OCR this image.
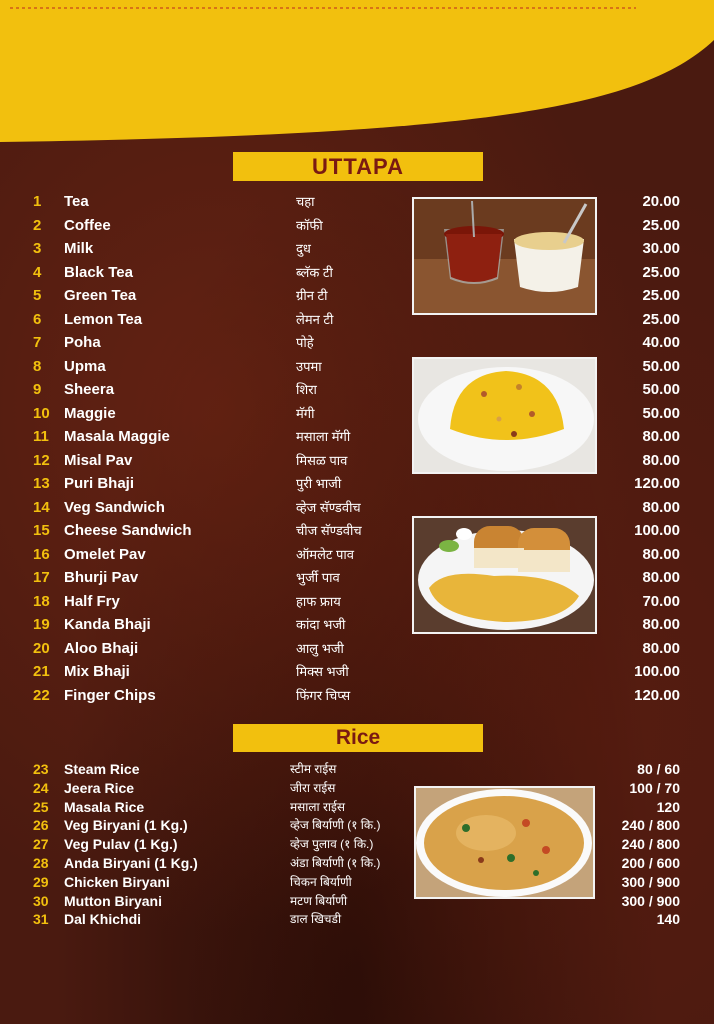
UTTAPA
1 Tea	चहा	20.00
2 Coffee	कॉफी	25.00
3 Milk	दुध	30.00
4 Black Tea	ब्लॅक टी	25.00
5 Green Tea	ग्रीन टी	25.00
6 Lemon Tea	लेमन टी	25.00
7 Poha	पोहे	40.00
8 Upma	उपमा	50.00
9 Sheera	शिरा	50.00
10 Maggie	मॅगी	50.00
11 Masala Maggie	मसाला मॅगी	80.00
12 Misal Pav	मिसळ पाव	80.00
13 Puri Bhaji	पुरी भाजी	120.00
14 Veg Sandwich	व्हेज सॅण्डवीच	80.00
15 Cheese Sandwich	चीज सॅण्डवीच	100.00
16 Omelet Pav	ऑमलेट पाव	80.00
17 Bhurji Pav	भुर्जी पाव	80.00
18 Half Fry	हाफ फ्राय	70.00
19 Kanda Bhaji	कांदा भजी	80.00
20 Aloo Bhaji	आलु भजी	80.00
21 Mix Bhaji	मिक्स भजी	100.00
22 Finger Chips	फिंगर चिप्स	120.00
Rice
23 Steam Rice	स्टीम राईस	80 / 60
24 Jeera Rice	जीरा राईस	100 / 70
25 Masala Rice	मसाला राईस	120
26 Veg Biryani (1 Kg.)	व्हेज बिर्याणी (१ कि.)	240 / 800
27 Veg Pulav (1 Kg.)	व्हेज पुलाव (१ कि.)	240 / 800
28 Anda Biryani (1 Kg.)	अंडा बिर्याणी (१ कि.)	200 / 600
29 Chicken Biryani	चिकन बिर्याणी	300 / 900
30 Mutton Biryani	मटण बिर्याणी	300 / 900
31 Dal Khichdi	डाल खिचडी	140
